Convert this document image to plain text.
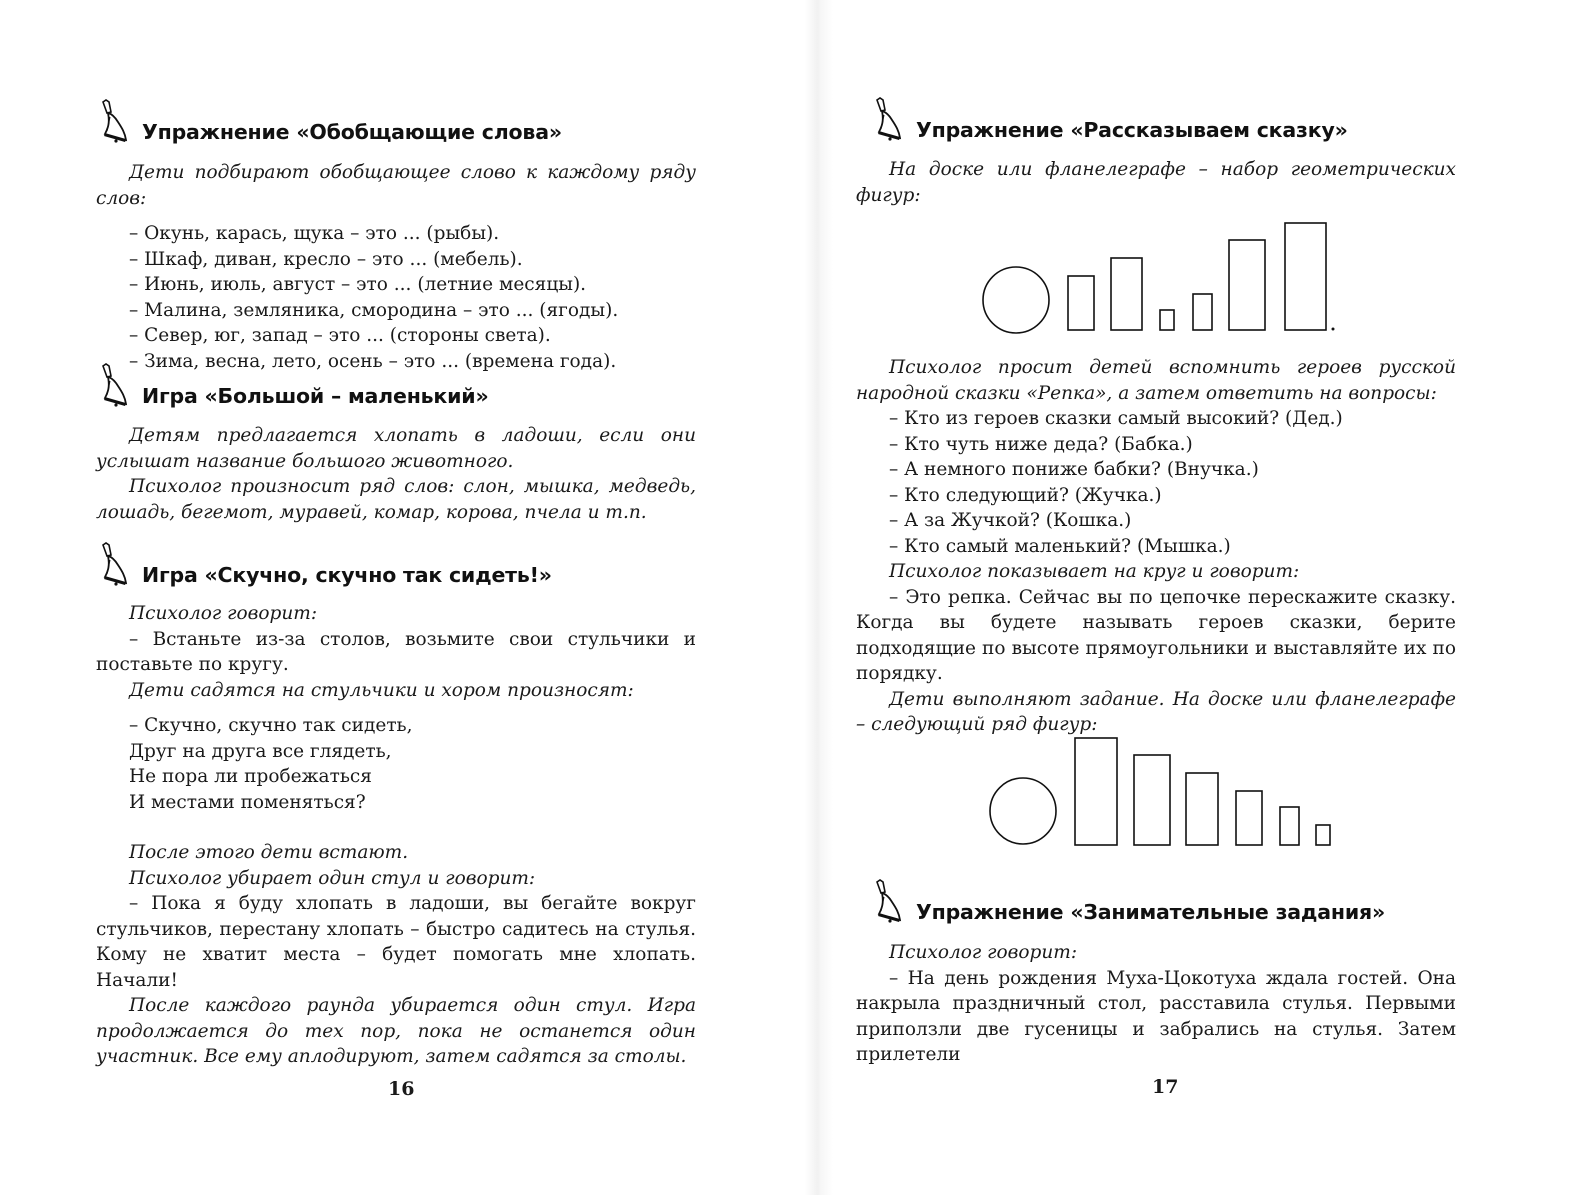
Упражнение «Обобщающие слова»

Дети подбирают обобщающее слово к каждому ряду слов:

– Окунь, карась, щука – это ... (рыбы).

– Шкаф, диван, кресло – это ... (мебель).

– Июнь, июль, август – это ... (летние месяцы).

– Малина, земляника, смородина – это ... (ягоды).

– Север, юг, запад – это ... (стороны света).

– Зима, весна, лето, осень – это ... (времена года).

Игра «Большой – маленький»

Детям предлагается хлопать в ладоши, если они услышат название большого животного.

Психолог произносит ряд слов: слон, мышка, медведь, лошадь, бегемот, муравей, комар, корова, пчела и т.п.

Игра «Скучно, скучно так сидеть!»

Психолог говорит:

– Встаньте из-за столов, возьмите свои стульчики и поставьте по кругу.

Дети садятся на стульчики и хором произносят:

– Скучно, скучно так сидеть,

Друг на друга все глядеть,

Не пора ли пробежаться

И местами поменяться?

После этого дети встают.

Психолог убирает один стул и говорит:

– Пока я буду хлопать в ладоши, вы бегайте вокруг стульчиков, перестану хлопать – быстро садитесь на стулья. Кому не хватит места – будет помогать мне хлопать. Начали!

После каждого раунда убирается один стул. Игра продолжается до тех пор, пока не останется один участник. Все ему аплодируют, затем садятся за столы.

16
Упражнение «Рассказываем сказку»

На доске или фланелеграфе – набор геометрических фигур:

Психолог просит детей вспомнить героев русской народной сказки «Репка», а затем ответить на вопросы:

– Кто из героев сказки самый высокий? (Дед.)

– Кто чуть ниже деда? (Бабка.)

– А немного пониже бабки? (Внучка.)

– Кто следующий? (Жучка.)

– А за Жучкой? (Кошка.)

– Кто самый маленький? (Мышка.)

Психолог показывает на круг и говорит:

– Это репка. Сейчас вы по цепочке перескажите сказку. Когда вы будете называть героев сказки, берите подходящие по высоте прямоугольники и выставляйте их по порядку.

Дети выполняют задание. На доске или фланелеграфе – следующий ряд фигур:

Упражнение «Занимательные задания»

Психолог говорит:

– На день рождения Муха-Цокотуха ждала гостей. Она накрыла праздничный стол, расставила стулья. Первыми приползли две гусеницы и забрались на стулья. Затем прилетели

17
